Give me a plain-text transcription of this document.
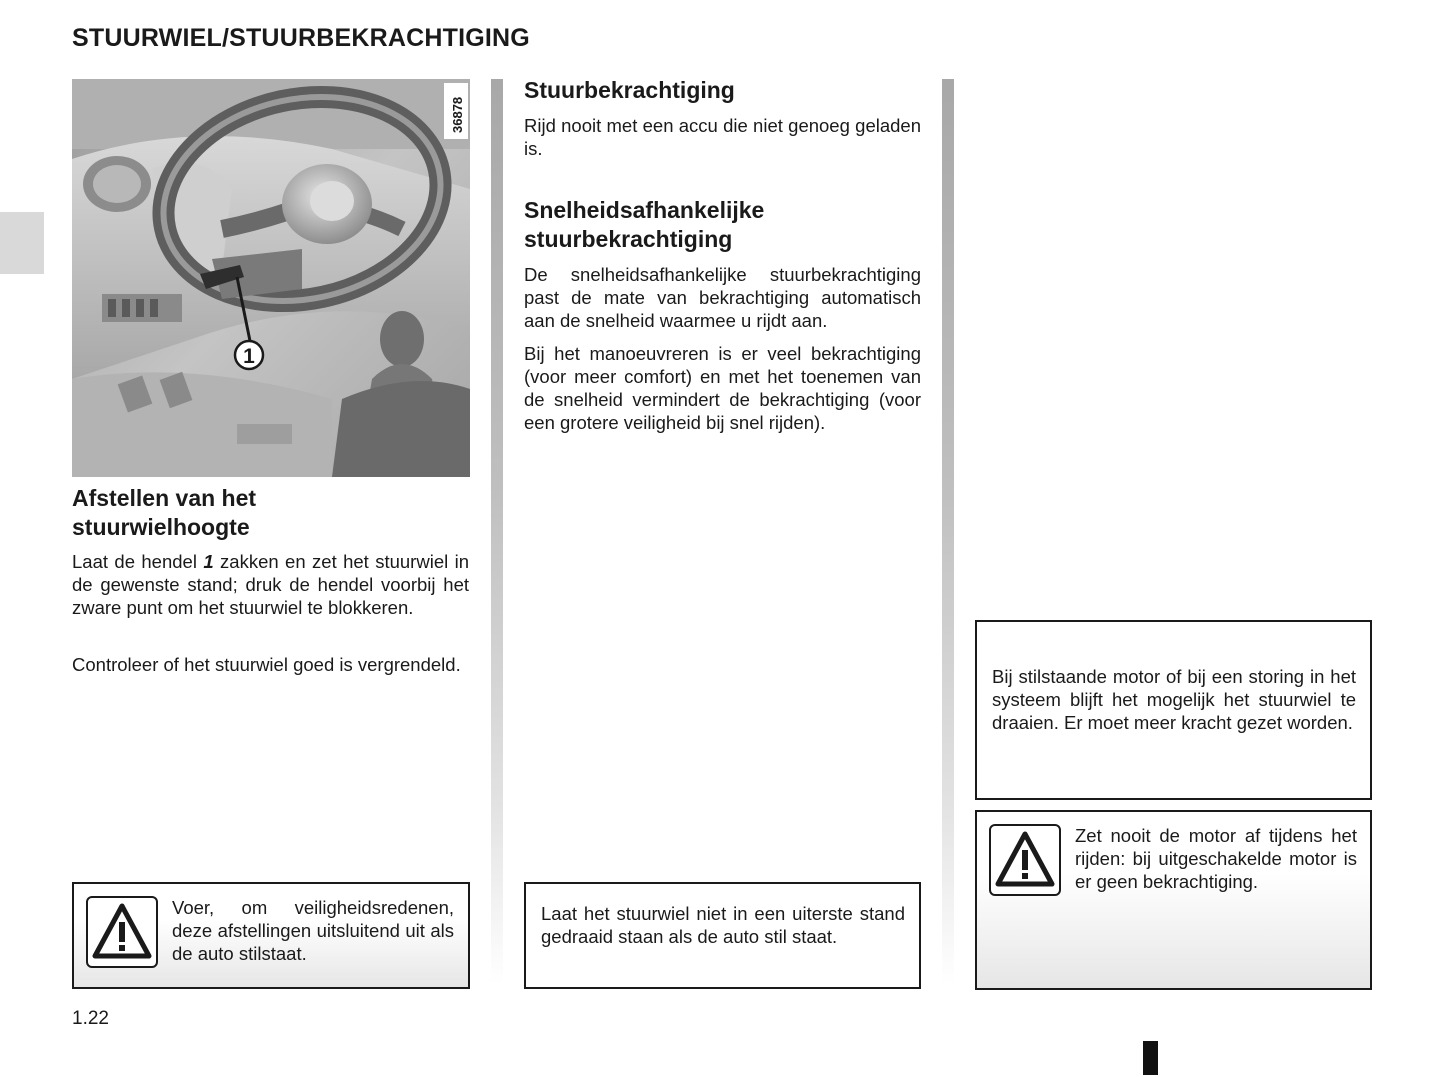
STUURWIEL/STUURBEKRACHTIGING
1
36878
Afstellen van het stuurwielhoogte
Laat de hendel 1 zakken en zet het stuurwiel in de gewenste stand; druk de hendel voorbij het zware punt om het stuurwiel te blokkeren.
Controleer of het stuurwiel goed is vergrendeld.
Voer, om veiligheidsredenen, deze afstellingen uitsluitend uit als de auto stilstaat.
Stuurbekrachtiging
Rijd nooit met een accu die niet genoeg geladen is.
Snelheidsafhankelijke stuurbekrachtiging
De snelheidsafhankelijke stuurbekrachtiging past de mate van bekrachtiging automatisch aan de snelheid waarmee u rijdt aan.
Bij het manoeuvreren is er veel bekrachtiging (voor meer comfort) en met het toenemen van de snelheid vermindert de bekrachtiging (voor een grotere veiligheid bij snel rijden).
Laat het stuurwiel niet in een uiterste stand gedraaid staan als de auto stil staat.
Bij stilstaande motor of bij een storing in het systeem blijft het mogelijk het stuurwiel te draaien. Er moet meer kracht gezet worden.
Zet nooit de motor af tijdens het rijden: bij uitgeschakelde motor is er geen bekrachtiging.
1.22
